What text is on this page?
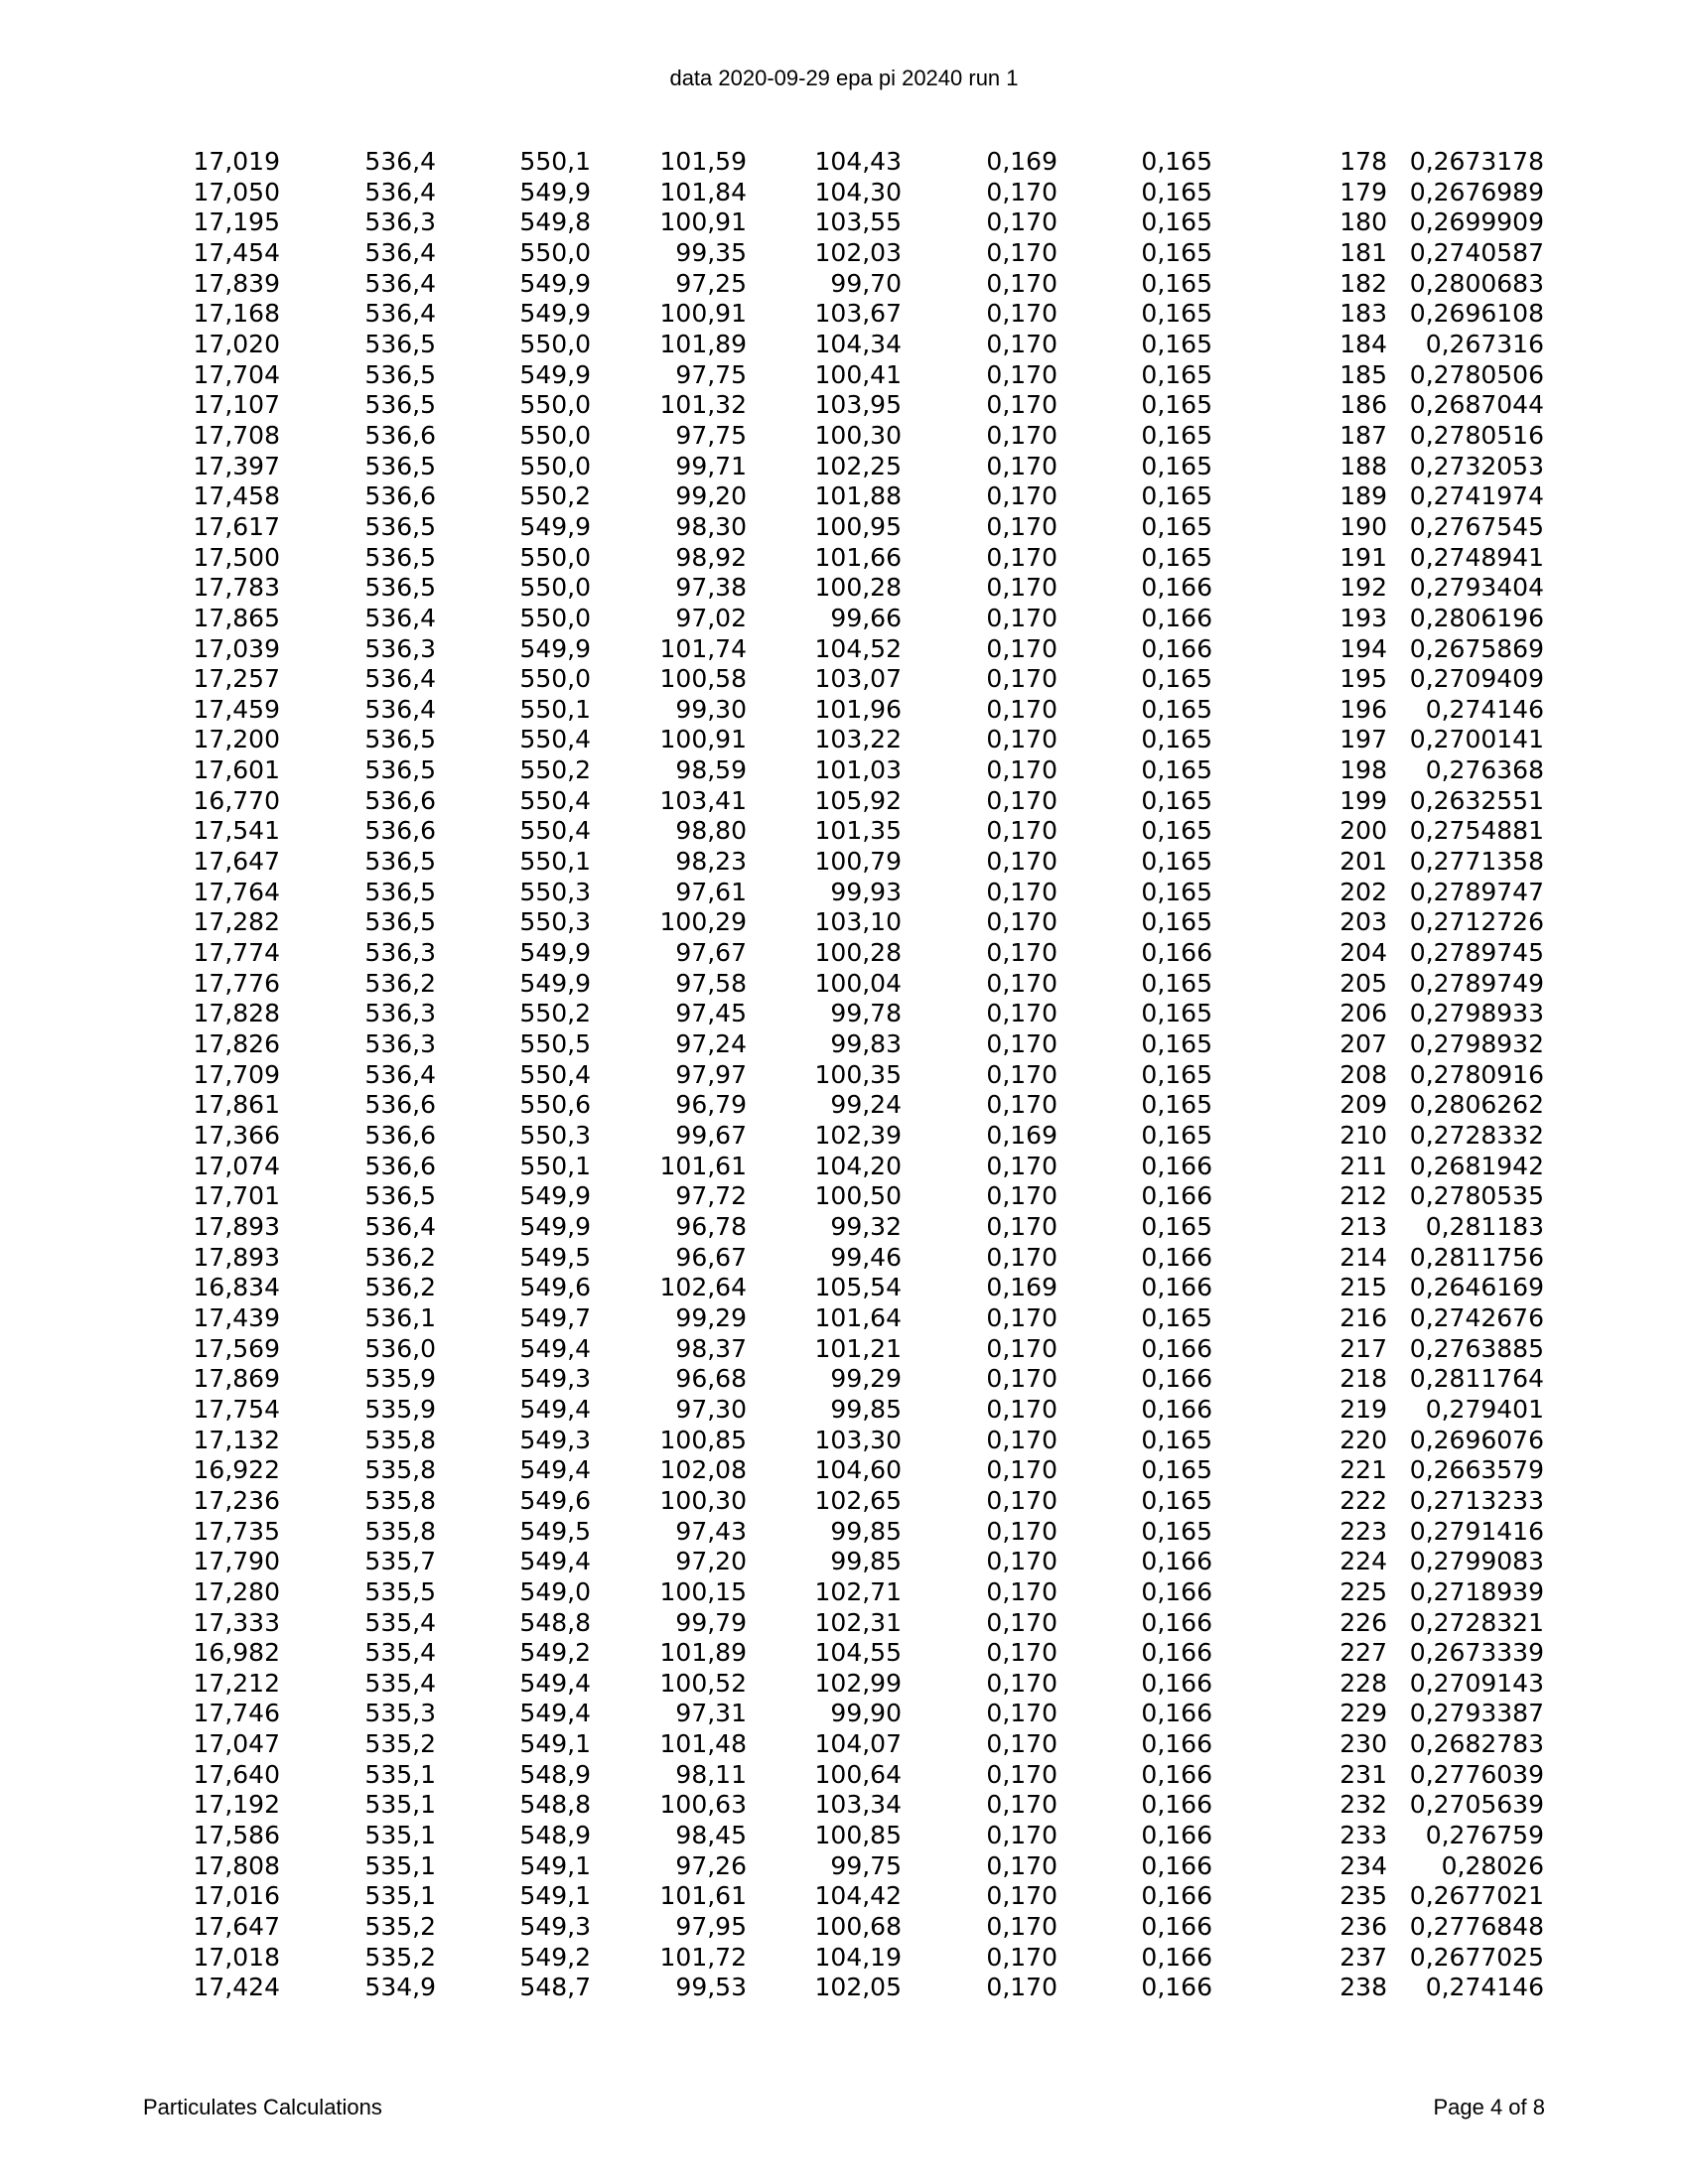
data 2020-09-29 epa pi 20240 run 1
17,019	536,4	550,1	101,59	104,43	0,169	0,165	178	0,2673178
17,050	536,4	549,9	101,84	104,30	0,170	0,165	179	0,2676989
17,195	536,3	549,8	100,91	103,55	0,170	0,165	180	0,2699909
17,454	536,4	550,0	99,35	102,03	0,170	0,165	181	0,2740587
17,839	536,4	549,9	97,25	99,70	0,170	0,165	182	0,2800683
17,168	536,4	549,9	100,91	103,67	0,170	0,165	183	0,2696108
17,020	536,5	550,0	101,89	104,34	0,170	0,165	184	0,267316
17,704	536,5	549,9	97,75	100,41	0,170	0,165	185	0,2780506
17,107	536,5	550,0	101,32	103,95	0,170	0,165	186	0,2687044
17,708	536,6	550,0	97,75	100,30	0,170	0,165	187	0,2780516
17,397	536,5	550,0	99,71	102,25	0,170	0,165	188	0,2732053
17,458	536,6	550,2	99,20	101,88	0,170	0,165	189	0,2741974
17,617	536,5	549,9	98,30	100,95	0,170	0,165	190	0,2767545
17,500	536,5	550,0	98,92	101,66	0,170	0,165	191	0,2748941
17,783	536,5	550,0	97,38	100,28	0,170	0,166	192	0,2793404
17,865	536,4	550,0	97,02	99,66	0,170	0,166	193	0,2806196
17,039	536,3	549,9	101,74	104,52	0,170	0,166	194	0,2675869
17,257	536,4	550,0	100,58	103,07	0,170	0,165	195	0,2709409
17,459	536,4	550,1	99,30	101,96	0,170	0,165	196	0,274146
17,200	536,5	550,4	100,91	103,22	0,170	0,165	197	0,2700141
17,601	536,5	550,2	98,59	101,03	0,170	0,165	198	0,276368
16,770	536,6	550,4	103,41	105,92	0,170	0,165	199	0,2632551
17,541	536,6	550,4	98,80	101,35	0,170	0,165	200	0,2754881
17,647	536,5	550,1	98,23	100,79	0,170	0,165	201	0,2771358
17,764	536,5	550,3	97,61	99,93	0,170	0,165	202	0,2789747
17,282	536,5	550,3	100,29	103,10	0,170	0,165	203	0,2712726
17,774	536,3	549,9	97,67	100,28	0,170	0,166	204	0,2789745
17,776	536,2	549,9	97,58	100,04	0,170	0,165	205	0,2789749
17,828	536,3	550,2	97,45	99,78	0,170	0,165	206	0,2798933
17,826	536,3	550,5	97,24	99,83	0,170	0,165	207	0,2798932
17,709	536,4	550,4	97,97	100,35	0,170	0,165	208	0,2780916
17,861	536,6	550,6	96,79	99,24	0,170	0,165	209	0,2806262
17,366	536,6	550,3	99,67	102,39	0,169	0,165	210	0,2728332
17,074	536,6	550,1	101,61	104,20	0,170	0,166	211	0,2681942
17,701	536,5	549,9	97,72	100,50	0,170	0,166	212	0,2780535
17,893	536,4	549,9	96,78	99,32	0,170	0,165	213	0,281183
17,893	536,2	549,5	96,67	99,46	0,170	0,166	214	0,2811756
16,834	536,2	549,6	102,64	105,54	0,169	0,166	215	0,2646169
17,439	536,1	549,7	99,29	101,64	0,170	0,165	216	0,2742676
17,569	536,0	549,4	98,37	101,21	0,170	0,166	217	0,2763885
17,869	535,9	549,3	96,68	99,29	0,170	0,166	218	0,2811764
17,754	535,9	549,4	97,30	99,85	0,170	0,166	219	0,279401
17,132	535,8	549,3	100,85	103,30	0,170	0,165	220	0,2696076
16,922	535,8	549,4	102,08	104,60	0,170	0,165	221	0,2663579
17,236	535,8	549,6	100,30	102,65	0,170	0,165	222	0,2713233
17,735	535,8	549,5	97,43	99,85	0,170	0,165	223	0,2791416
17,790	535,7	549,4	97,20	99,85	0,170	0,166	224	0,2799083
17,280	535,5	549,0	100,15	102,71	0,170	0,166	225	0,2718939
17,333	535,4	548,8	99,79	102,31	0,170	0,166	226	0,2728321
16,982	535,4	549,2	101,89	104,55	0,170	0,166	227	0,2673339
17,212	535,4	549,4	100,52	102,99	0,170	0,166	228	0,2709143
17,746	535,3	549,4	97,31	99,90	0,170	0,166	229	0,2793387
17,047	535,2	549,1	101,48	104,07	0,170	0,166	230	0,2682783
17,640	535,1	548,9	98,11	100,64	0,170	0,166	231	0,2776039
17,192	535,1	548,8	100,63	103,34	0,170	0,166	232	0,2705639
17,586	535,1	548,9	98,45	100,85	0,170	0,166	233	0,276759
17,808	535,1	549,1	97,26	99,75	0,170	0,166	234	0,28026
17,016	535,1	549,1	101,61	104,42	0,170	0,166	235	0,2677021
17,647	535,2	549,3	97,95	100,68	0,170	0,166	236	0,2776848
17,018	535,2	549,2	101,72	104,19	0,170	0,166	237	0,2677025
17,424	534,9	548,7	99,53	102,05	0,170	0,166	238	0,274146
Particulates Calculations	Page 4 of 8
